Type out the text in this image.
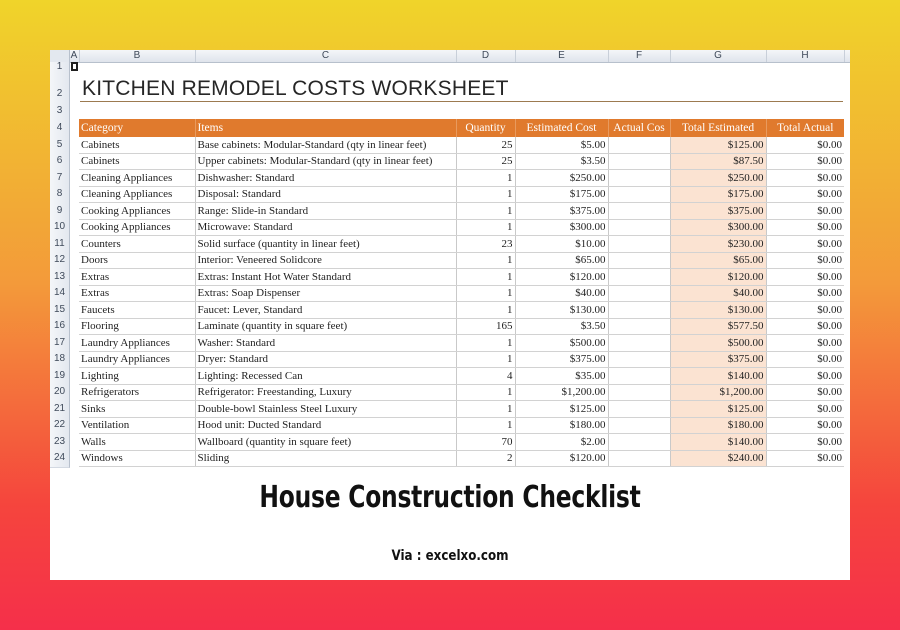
A	B	C	D	E	F	G	H
1
2
3
4
5
6
7
8
9
10
11
12
13
14
15
16
17
18
19
20
21
22
23
24
KITCHEN REMODEL COSTS WORKSHEET
Category	Items	Quantity	Estimated Cost	Actual Cos	Total Estimated	Total Actual
Cabinets	Base cabinets: Modular-Standard (qty in linear feet)	25	$5.00		$125.00	$0.00
Cabinets	Upper cabinets: Modular-Standard (qty in linear feet)	25	$3.50		$87.50	$0.00
Cleaning Appliances	Dishwasher: Standard	1	$250.00		$250.00	$0.00
Cleaning Appliances	Disposal: Standard	1	$175.00		$175.00	$0.00
Cooking Appliances	Range: Slide-in Standard	1	$375.00		$375.00	$0.00
Cooking Appliances	Microwave: Standard	1	$300.00		$300.00	$0.00
Counters	Solid surface (quantity in linear feet)	23	$10.00		$230.00	$0.00
Doors	Interior: Veneered Solidcore	1	$65.00		$65.00	$0.00
Extras	Extras: Instant Hot Water Standard	1	$120.00		$120.00	$0.00
Extras	Extras: Soap Dispenser	1	$40.00		$40.00	$0.00
Faucets	Faucet: Lever, Standard	1	$130.00		$130.00	$0.00
Flooring	Laminate (quantity in square feet)	165	$3.50		$577.50	$0.00
Laundry Appliances	Washer: Standard	1	$500.00		$500.00	$0.00
Laundry Appliances	Dryer: Standard	1	$375.00		$375.00	$0.00
Lighting	Lighting: Recessed Can	4	$35.00		$140.00	$0.00
Refrigerators	Refrigerator: Freestanding, Luxury	1	$1,200.00		$1,200.00	$0.00
Sinks	Double-bowl Stainless Steel Luxury	1	$125.00		$125.00	$0.00
Ventilation	Hood unit: Ducted Standard	1	$180.00		$180.00	$0.00
Walls	Wallboard (quantity in square feet)	70	$2.00		$140.00	$0.00
Windows	Sliding	2	$120.00		$240.00	$0.00
House Construction Checklist
Via : excelxo.com
